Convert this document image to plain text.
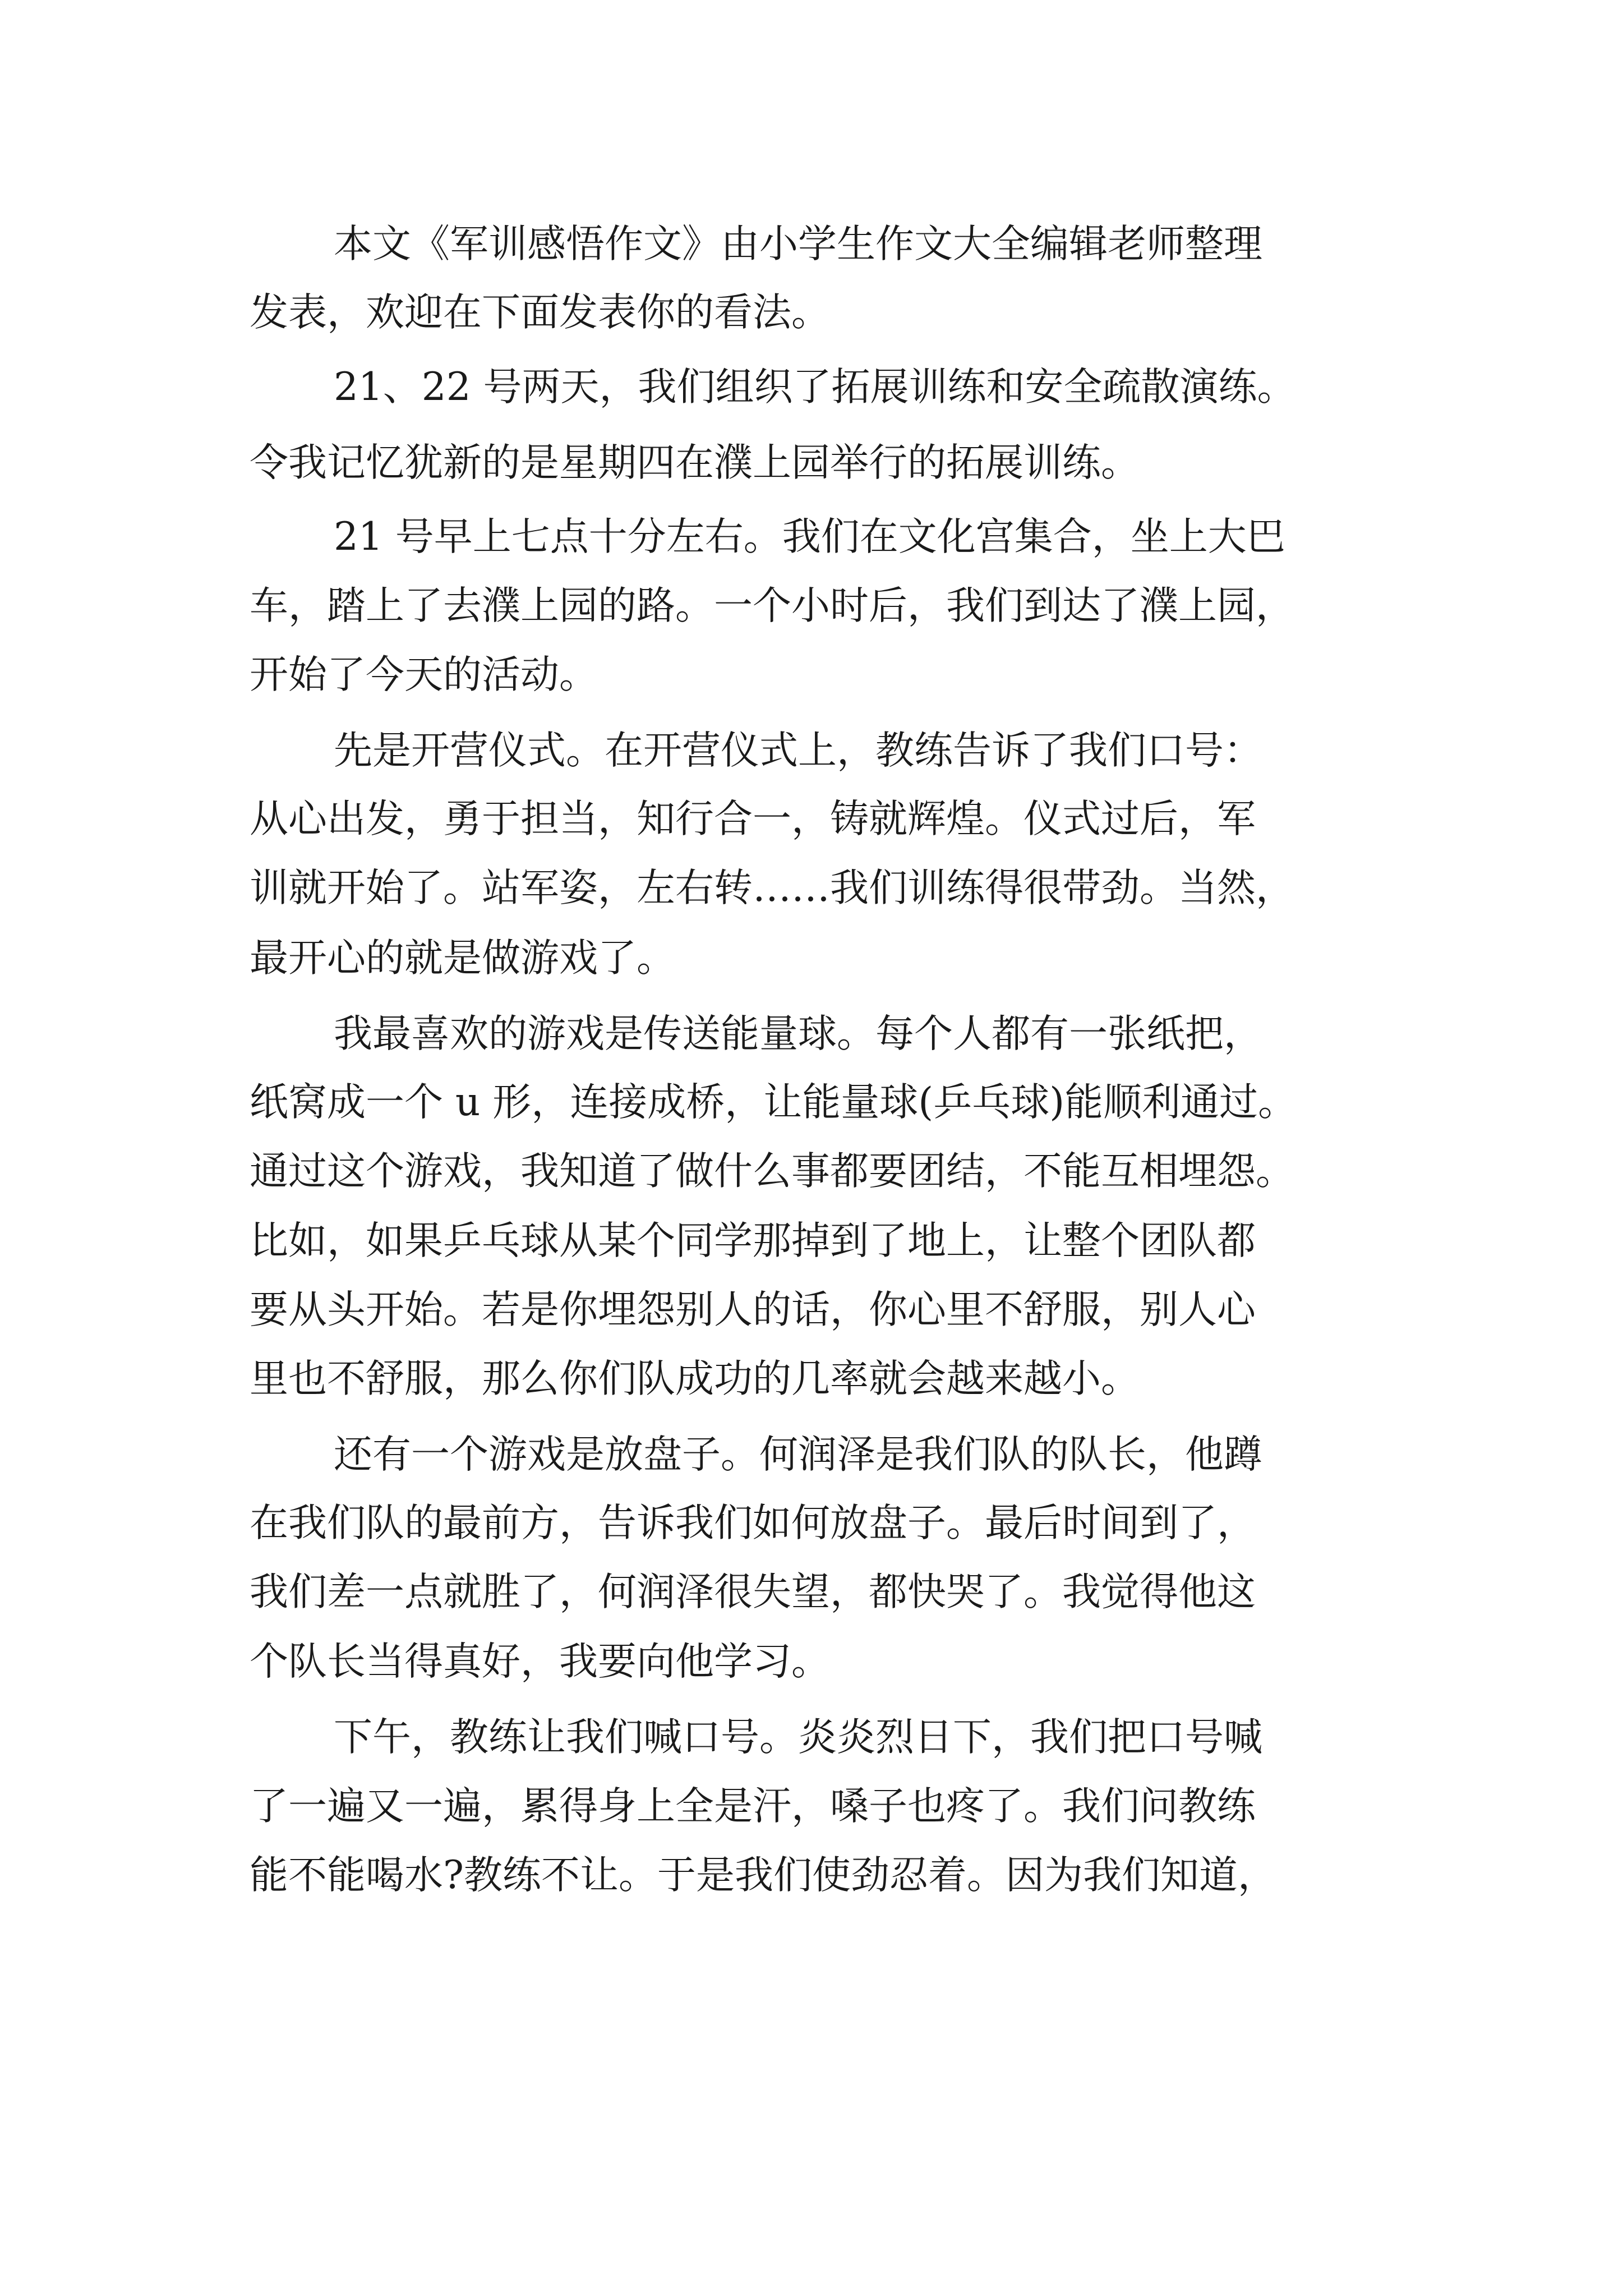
本文《军训感悟作文》由小学生作文大全编辑老师整理
发表，欢迎在下面发表你的看法。
21、22 号两天，我们组织了拓展训练和安全疏散演练。
令我记忆犹新的是星期四在濮上园举行的拓展训练。
21 号早上七点十分左右。我们在文化宫集合，坐上大巴
车，踏上了去濮上园的路。一个小时后，我们到达了濮上园，
开始了今天的活动。
先是开营仪式。在开营仪式上，教练告诉了我们口号：
从心出发，勇于担当，知行合一，铸就辉煌。仪式过后，军
训就开始了。站军姿，左右转……我们训练得很带劲。当然，
最开心的就是做游戏了。
我最喜欢的游戏是传送能量球。每个人都有一张纸把，
纸窝成一个 u 形，连接成桥，让能量球(乒乓球)能顺利通过。
通过这个游戏，我知道了做什么事都要团结，不能互相埋怨。
比如，如果乒乓球从某个同学那掉到了地上，让整个团队都
要从头开始。若是你埋怨别人的话，你心里不舒服，别人心
里也不舒服，那么你们队成功的几率就会越来越小。
还有一个游戏是放盘子。何润泽是我们队的队长，他蹲
在我们队的最前方，告诉我们如何放盘子。最后时间到了，
我们差一点就胜了，何润泽很失望，都快哭了。我觉得他这
个队长当得真好，我要向他学习。
下午，教练让我们喊口号。炎炎烈日下，我们把口号喊
了一遍又一遍，累得身上全是汗，嗓子也疼了。我们问教练
能不能喝水?教练不让。于是我们使劲忍着。因为我们知道，
